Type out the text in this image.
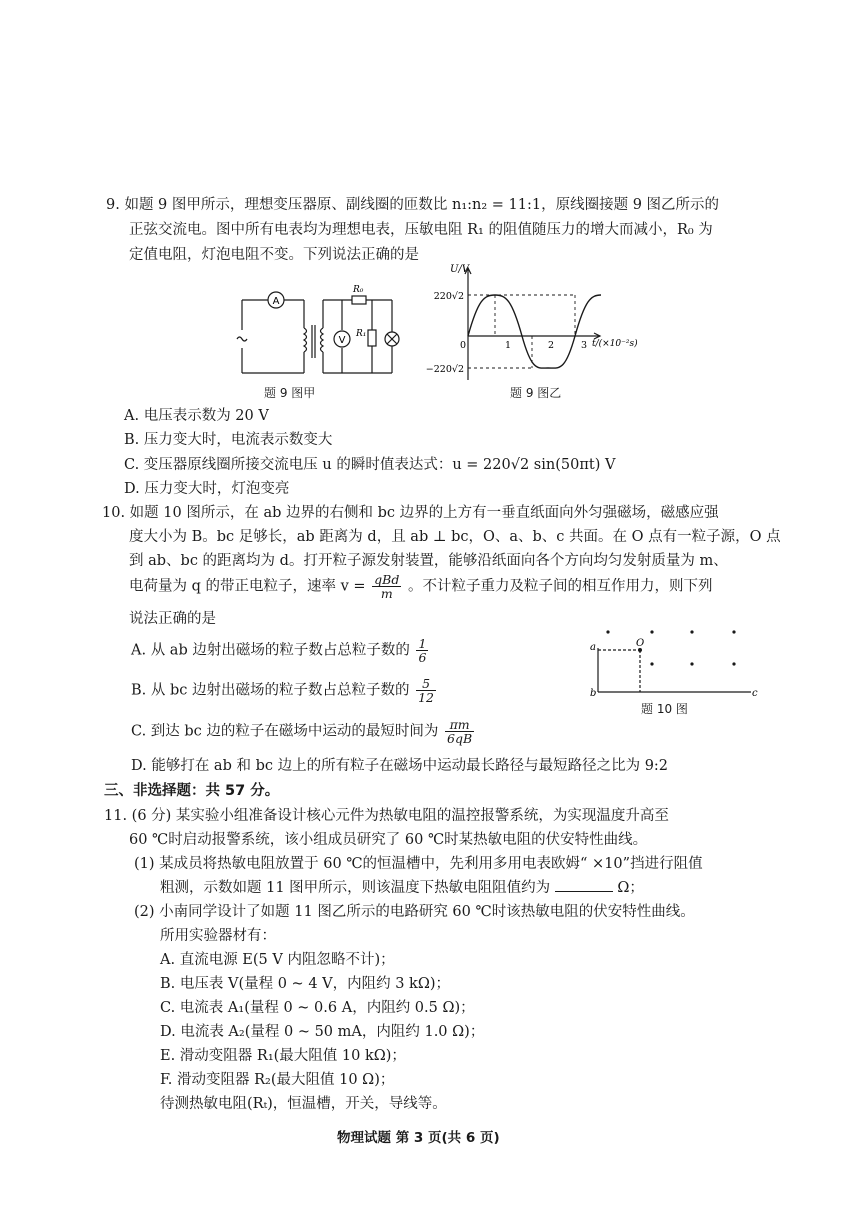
9. 如题 9 图甲所示，理想变压器原、副线圈的匝数比 n₁:n₂ = 11:1，原线圈接题 9 图乙所示的
正弦交流电。图中所有电表均为理想电表，压敏电阻 R₁ 的阻值随压力的增大而减小，R₀ 为
定值电阻，灯泡电阻不变。下列说法正确的是
A
V
R₀
R₁
题 9 图甲
U/V
220√2
−220√2
0	1	2	3 t/(×10⁻²s)
题 9 图乙
A. 电压表示数为 20 V
B. 压力变大时，电流表示数变大
C. 变压器原线圈所接交流电压 u 的瞬时值表达式：u = 220√2 sin(50πt) V
D. 压力变大时，灯泡变亮
10. 如题 10 图所示，在 ab 边界的右侧和 bc 边界的上方有一垂直纸面向外匀强磁场，磁感应强
度大小为 B。bc 足够长，ab 距离为 d，且 ab ⊥ bc，O、a、b、c 共面。在 O 点有一粒子源，O 点
到 ab、bc 的距离均为 d。打开粒子源发射装置，能够沿纸面向各个方向均匀发射质量为 m、
电荷量为 q 的带正电粒子，速率 $v = \frac{\text{qBd}}{m}$ 。不计粒子重力及粒子间的相互作用力，则下列
说法正确的是
A. 从 ab 边射出磁场的粒子数占总粒子数的 $\frac{1}{6}$
B. 从 bc 边射出磁场的粒子数占总粒子数的 $\frac{5}{12}$
C. 到达 bc 边的粒子在磁场中运动的最短时间为 $\frac{\pi m}{6qB}$
D. 能够打在 ab 和 bc 边上的所有粒子在磁场中运动最长路径与最短路径之比为 9:2
a
b	c
O
题 10 图
三、非选择题：共 57 分。
11. (6 分) 某实验小组准备设计核心元件为热敏电阻的温控报警系统，为实现温度升高至
60 ℃时启动报警系统，该小组成员研究了 60 ℃时某热敏电阻的伏安特性曲线。
(1) 某成员将热敏电阻放置于 60 ℃的恒温槽中，先利用多用电表欧姆“ ×10”挡进行阻值
粗测，示数如题 11 图甲所示，则该温度下热敏电阻阻值约为	Ω；
(2) 小南同学设计了如题 11 图乙所示的电路研究 60 ℃时该热敏电阻的伏安特性曲线。
所用实验器材有：
A. 直流电源 E(5 V 内阻忽略不计)；
B. 电压表 V(量程 0 ~ 4 V，内阻约 3 kΩ)；
C. 电流表 A₁(量程 0 ~ 0.6 A，内阻约 0.5 Ω)；
D. 电流表 A₂(量程 0 ~ 50 mA，内阻约 1.0 Ω)；
E. 滑动变阻器 R₁(最大阻值 10 kΩ)；
F. 滑动变阻器 R₂(最大阻值 10 Ω)；
待测热敏电阻(Rₜ)，恒温槽，开关，导线等。
物理试题 第 3 页(共 6 页)
